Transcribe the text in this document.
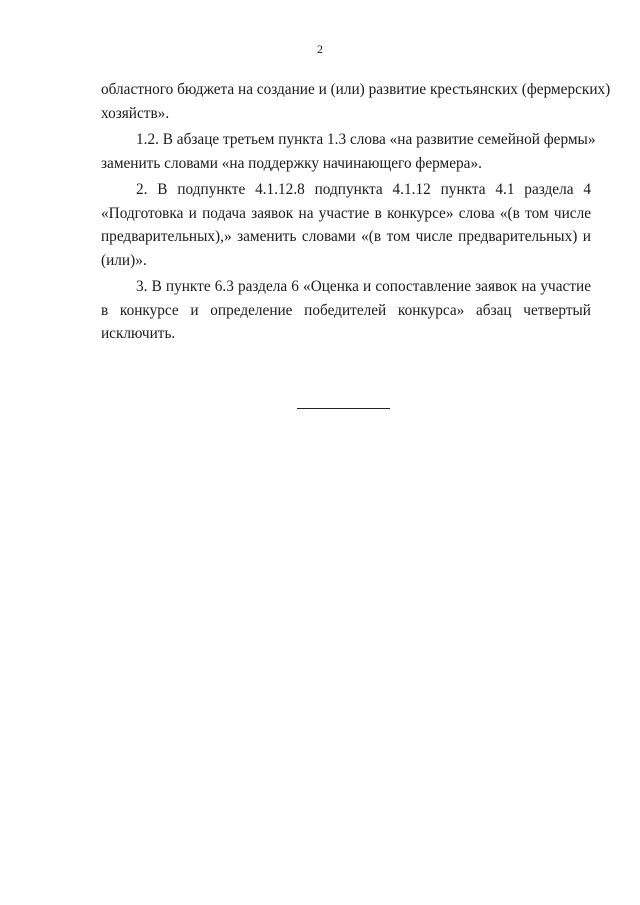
2
областного бюджета на создание и (или) развитие крестьянских (фермерских)
хозяйств».
1.2. В абзаце третьем пункта 1.3 слова «на развитие семейной фермы»
заменить словами «на поддержку начинающего фермера».
2. В подпункте 4.1.12.8 подпункта 4.1.12 пункта 4.1 раздела 4
«Подготовка и подача заявок на участие в конкурсе» слова «(в том числе
предварительных),» заменить словами «(в том числе предварительных) и
(или)».
3. В пункте 6.3 раздела 6 «Оценка и сопоставление заявок на участие
в конкурсе и определение победителей конкурса» абзац четвертый
исключить.
